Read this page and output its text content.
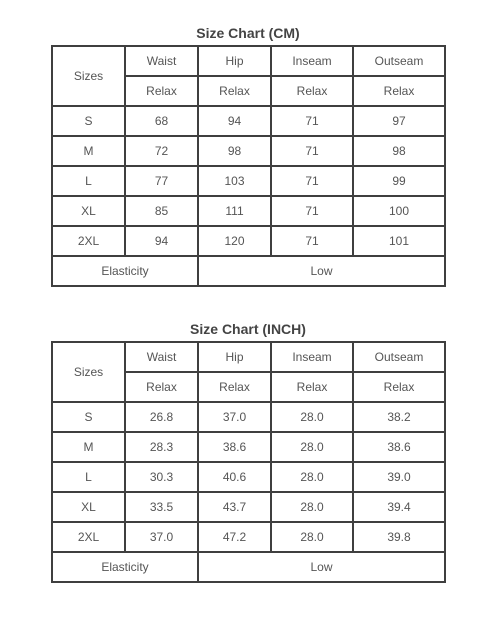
Size Chart (CM)
Sizes	Waist	Hip	Inseam	Outseam
	Relax	Relax	Relax	Relax
S	68	94	71	97
M	72	98	71	98
L	77	103	71	99
XL	85	111	71	100
2XL	94	120	71	101
Elasticity		Low		
Size Chart (INCH)
Sizes	Waist	Hip	Inseam	Outseam
	Relax	Relax	Relax	Relax
S	26.8	37.0	28.0	38.2
M	28.3	38.6	28.0	38.6
L	30.3	40.6	28.0	39.0
XL	33.5	43.7	28.0	39.4
2XL	37.0	47.2	28.0	39.8
Elasticity		Low		
